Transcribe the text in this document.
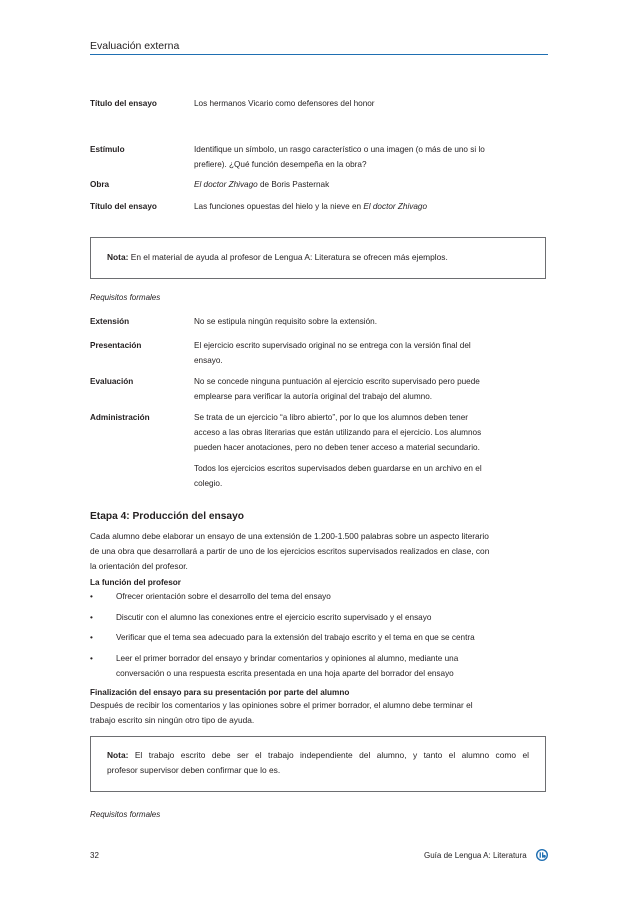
Evaluación externa
Título del ensayo	Los hermanos Vicario como defensores del honor
Estímulo	Identifique un símbolo, un rasgo característico o una imagen (o más de uno si lo
prefiere). ¿Qué función desempeña en la obra?
Obra	El doctor Zhivago de Boris Pasternak
Título del ensayo	Las funciones opuestas del hielo y la nieve en El doctor Zhivago
Nota: En el material de ayuda al profesor de Lengua A: Literatura se ofrecen más ejemplos.
Requisitos formales
Extensión	No se estipula ningún requisito sobre la extensión.
Presentación	El ejercicio escrito supervisado original no se entrega con la versión final del
ensayo.
Evaluación	No se concede ninguna puntuación al ejercicio escrito supervisado pero puede
emplearse para verificar la autoría original del trabajo del alumno.
Administración	Se trata de un ejercicio “a libro abierto”, por lo que los alumnos deben tener
acceso a las obras literarias que están utilizando para el ejercicio. Los alumnos
pueden hacer anotaciones, pero no deben tener acceso a material secundario.
Todos los ejercicios escritos supervisados deben guardarse en un archivo en el
colegio.
Etapa 4: Producción del ensayo
Cada alumno debe elaborar un ensayo de una extensión de 1.200-1.500 palabras sobre un aspecto literario
de una obra que desarrollará a partir de uno de los ejercicios escritos supervisados realizados en clase, con
la orientación del profesor.
La función del profesor
•	Ofrecer orientación sobre el desarrollo del tema del ensayo
•	Discutir con el alumno las conexiones entre el ejercicio escrito supervisado y el ensayo
•	Verificar que el tema sea adecuado para la extensión del trabajo escrito y el tema en que se centra
•	Leer el primer borrador del ensayo y brindar comentarios y opiniones al alumno, mediante una
conversación o una respuesta escrita presentada en una hoja aparte del borrador del ensayo
Finalización del ensayo para su presentación por parte del alumno
Después de recibir los comentarios y las opiniones sobre el primer borrador, el alumno debe terminar el
trabajo escrito sin ningún otro tipo de ayuda.
Nota: El trabajo escrito debe ser el trabajo independiente del alumno, y tanto el alumno como el
profesor supervisor deben confirmar que lo es.
Requisitos formales
32	Guía de Lengua A: Literatura
